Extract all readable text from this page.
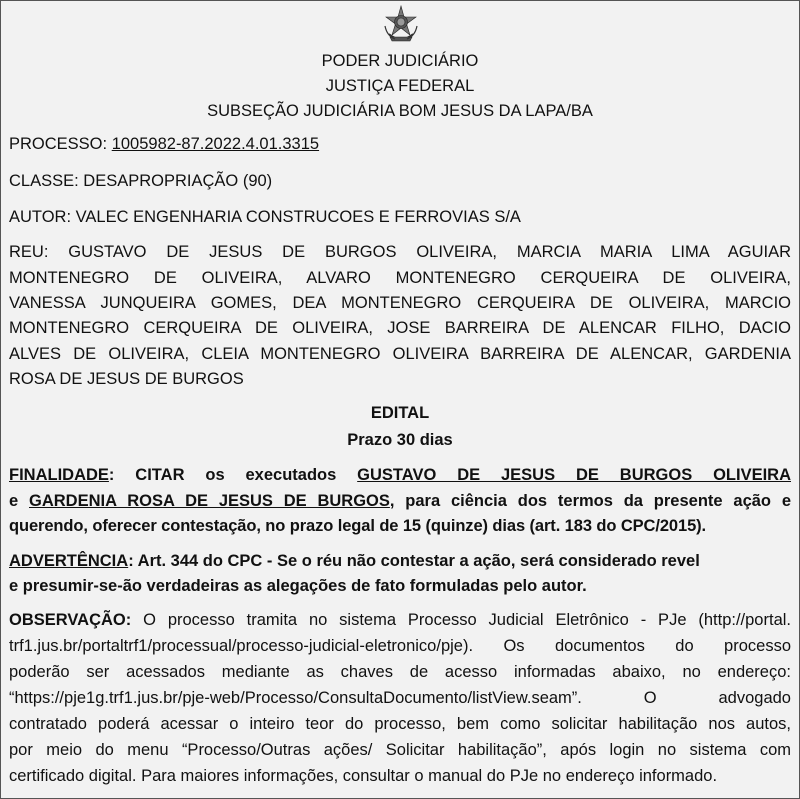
PODER JUDICIÁRIO
JUSTIÇA FEDERAL
SUBSEÇÃO JUDICIÁRIA BOM JESUS DA LAPA/BA
PROCESSO: 1005982-87.2022.4.01.3315
CLASSE: DESAPROPRIAÇÃO (90)
AUTOR: VALEC ENGENHARIA CONSTRUCOES E FERROVIAS S/A
REU: GUSTAVO DE JESUS DE BURGOS OLIVEIRA, MARCIA MARIA LIMA AGUIAR
MONTENEGRO DE OLIVEIRA, ALVARO MONTENEGRO CERQUEIRA DE OLIVEIRA,
VANESSA JUNQUEIRA GOMES, DEA MONTENEGRO CERQUEIRA DE OLIVEIRA, MARCIO
MONTENEGRO CERQUEIRA DE OLIVEIRA, JOSE BARREIRA DE ALENCAR FILHO, DACIO
ALVES DE OLIVEIRA, CLEIA MONTENEGRO OLIVEIRA BARREIRA DE ALENCAR, GARDENIA
ROSA DE JESUS DE BURGOS
EDITAL
Prazo 30 dias
FINALIDADE: CITAR os executados GUSTAVO DE JESUS DE BURGOS OLIVEIRA
e GARDENIA ROSA DE JESUS DE BURGOS, para ciência dos termos da presente ação e
querendo, oferecer contestação, no prazo legal de 15 (quinze) dias (art. 183 do CPC/2015).
ADVERTÊNCIA: Art. 344 do CPC - Se o réu não contestar a ação, será considerado revel
e presumir-se-ão verdadeiras as alegações de fato formuladas pelo autor.
OBSERVAÇÃO: O processo tramita no sistema Processo Judicial Eletrônico - PJe (http://portal.
trf1.jus.br/portaltrf1/processual/processo-judicial-eletronico/pje). Os documentos do processo
poderão ser acessados mediante as chaves de acesso informadas abaixo, no endereço:
“https://pje1g.trf1.jus.br/pje-web/Processo/ConsultaDocumento/listView.seam”. O advogado
contratado poderá acessar o inteiro teor do processo, bem como solicitar habilitação nos autos,
por meio do menu “Processo/Outras ações/ Solicitar habilitação”, após login no sistema com
certificado digital. Para maiores informações, consultar o manual do PJe no endereço informado.
